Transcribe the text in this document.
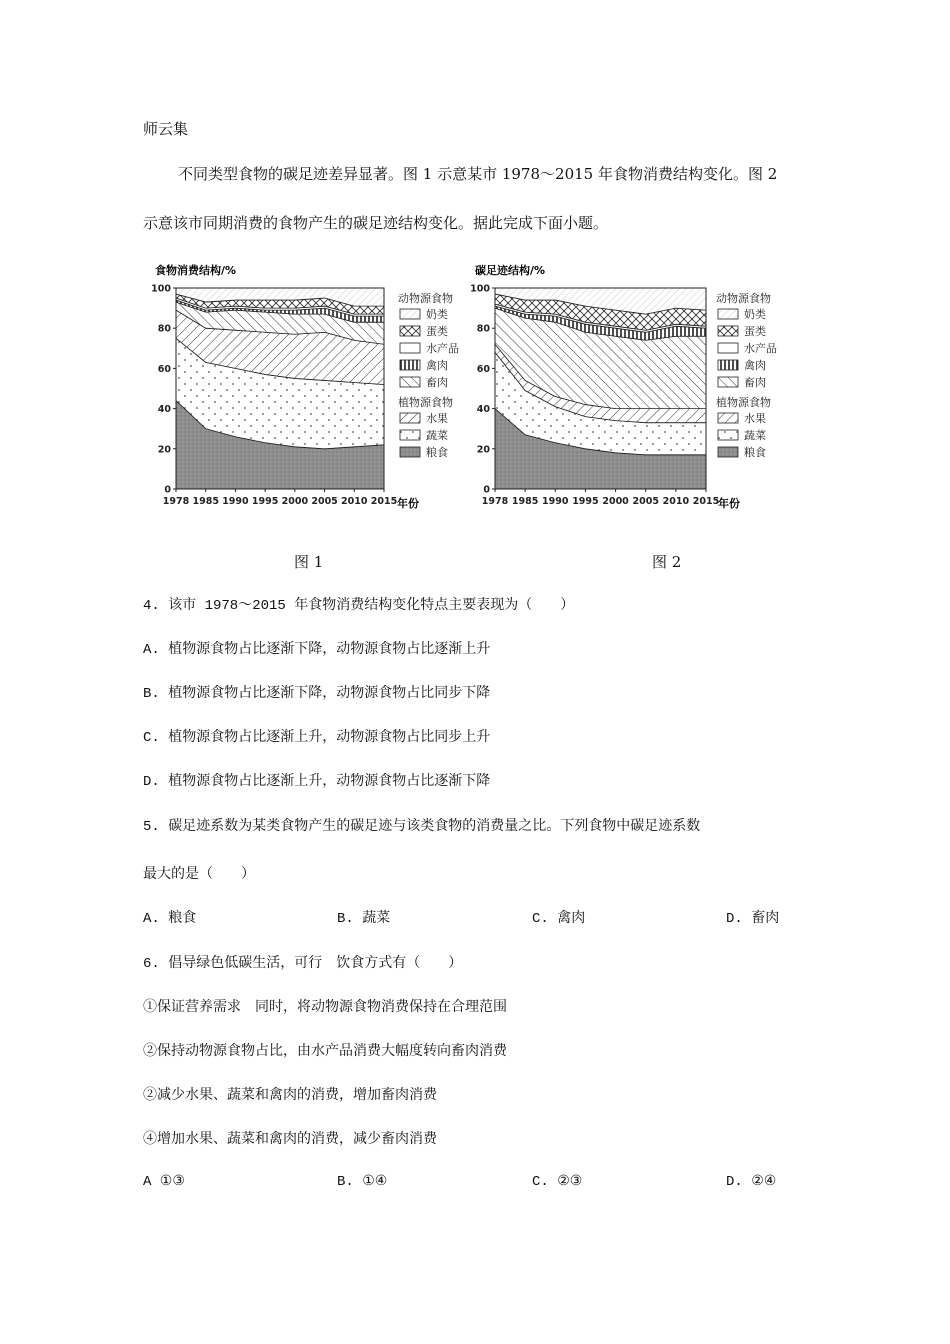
师云集
不同类型食物的碳足迹差异显著。图 1 示意某市 1978～2015 年食物消费结构变化。图 2
示意该市同期消费的食物产生的碳足迹结构变化。据此完成下面小题。
食物消费结构/%
0
20
40
60
80
100
1978 1985 1990 1995 2000 2005 2010 2015 年份
动物源食物
奶类
蛋类
水产品
禽肉
畜肉
植物源食物
水果
蔬菜
粮食
碳足迹结构/%
0
20
40
60
80
100
1978 1985 1990 1995 2000 2005 2010 2015
年份
动物源食物
奶类
蛋类
水产品
禽肉
畜肉
植物源食物
水果
蔬菜
粮食
图 1	图 2
4. 该市 1978～2015 年食物消费结构变化特点主要表现为（　　）
A. 植物源食物占比逐渐下降，动物源食物占比逐渐上升
B. 植物源食物占比逐渐下降，动物源食物占比同步下降
C. 植物源食物占比逐渐上升，动物源食物占比同步上升
D. 植物源食物占比逐渐上升，动物源食物占比逐渐下降
5. 碳足迹系数为某类食物产生的碳足迹与该类食物的消费量之比。下列食物中碳足迹系数
最大的是（　　）
A. 粮食	B. 蔬菜	C. 禽肉	D. 畜肉
6. 倡导绿色低碳生活，可行　饮食方式有（　　）
①保证营养需求　同时，将动物源食物消费保持在合理范围
②保持动物源食物占比，由水产品消费大幅度转向畜肉消费
②减少水果、蔬菜和禽肉的消费，增加畜肉消费
④增加水果、蔬菜和禽肉的消费，减少畜肉消费
A ①③	B. ①④	C. ②③	D. ②④
